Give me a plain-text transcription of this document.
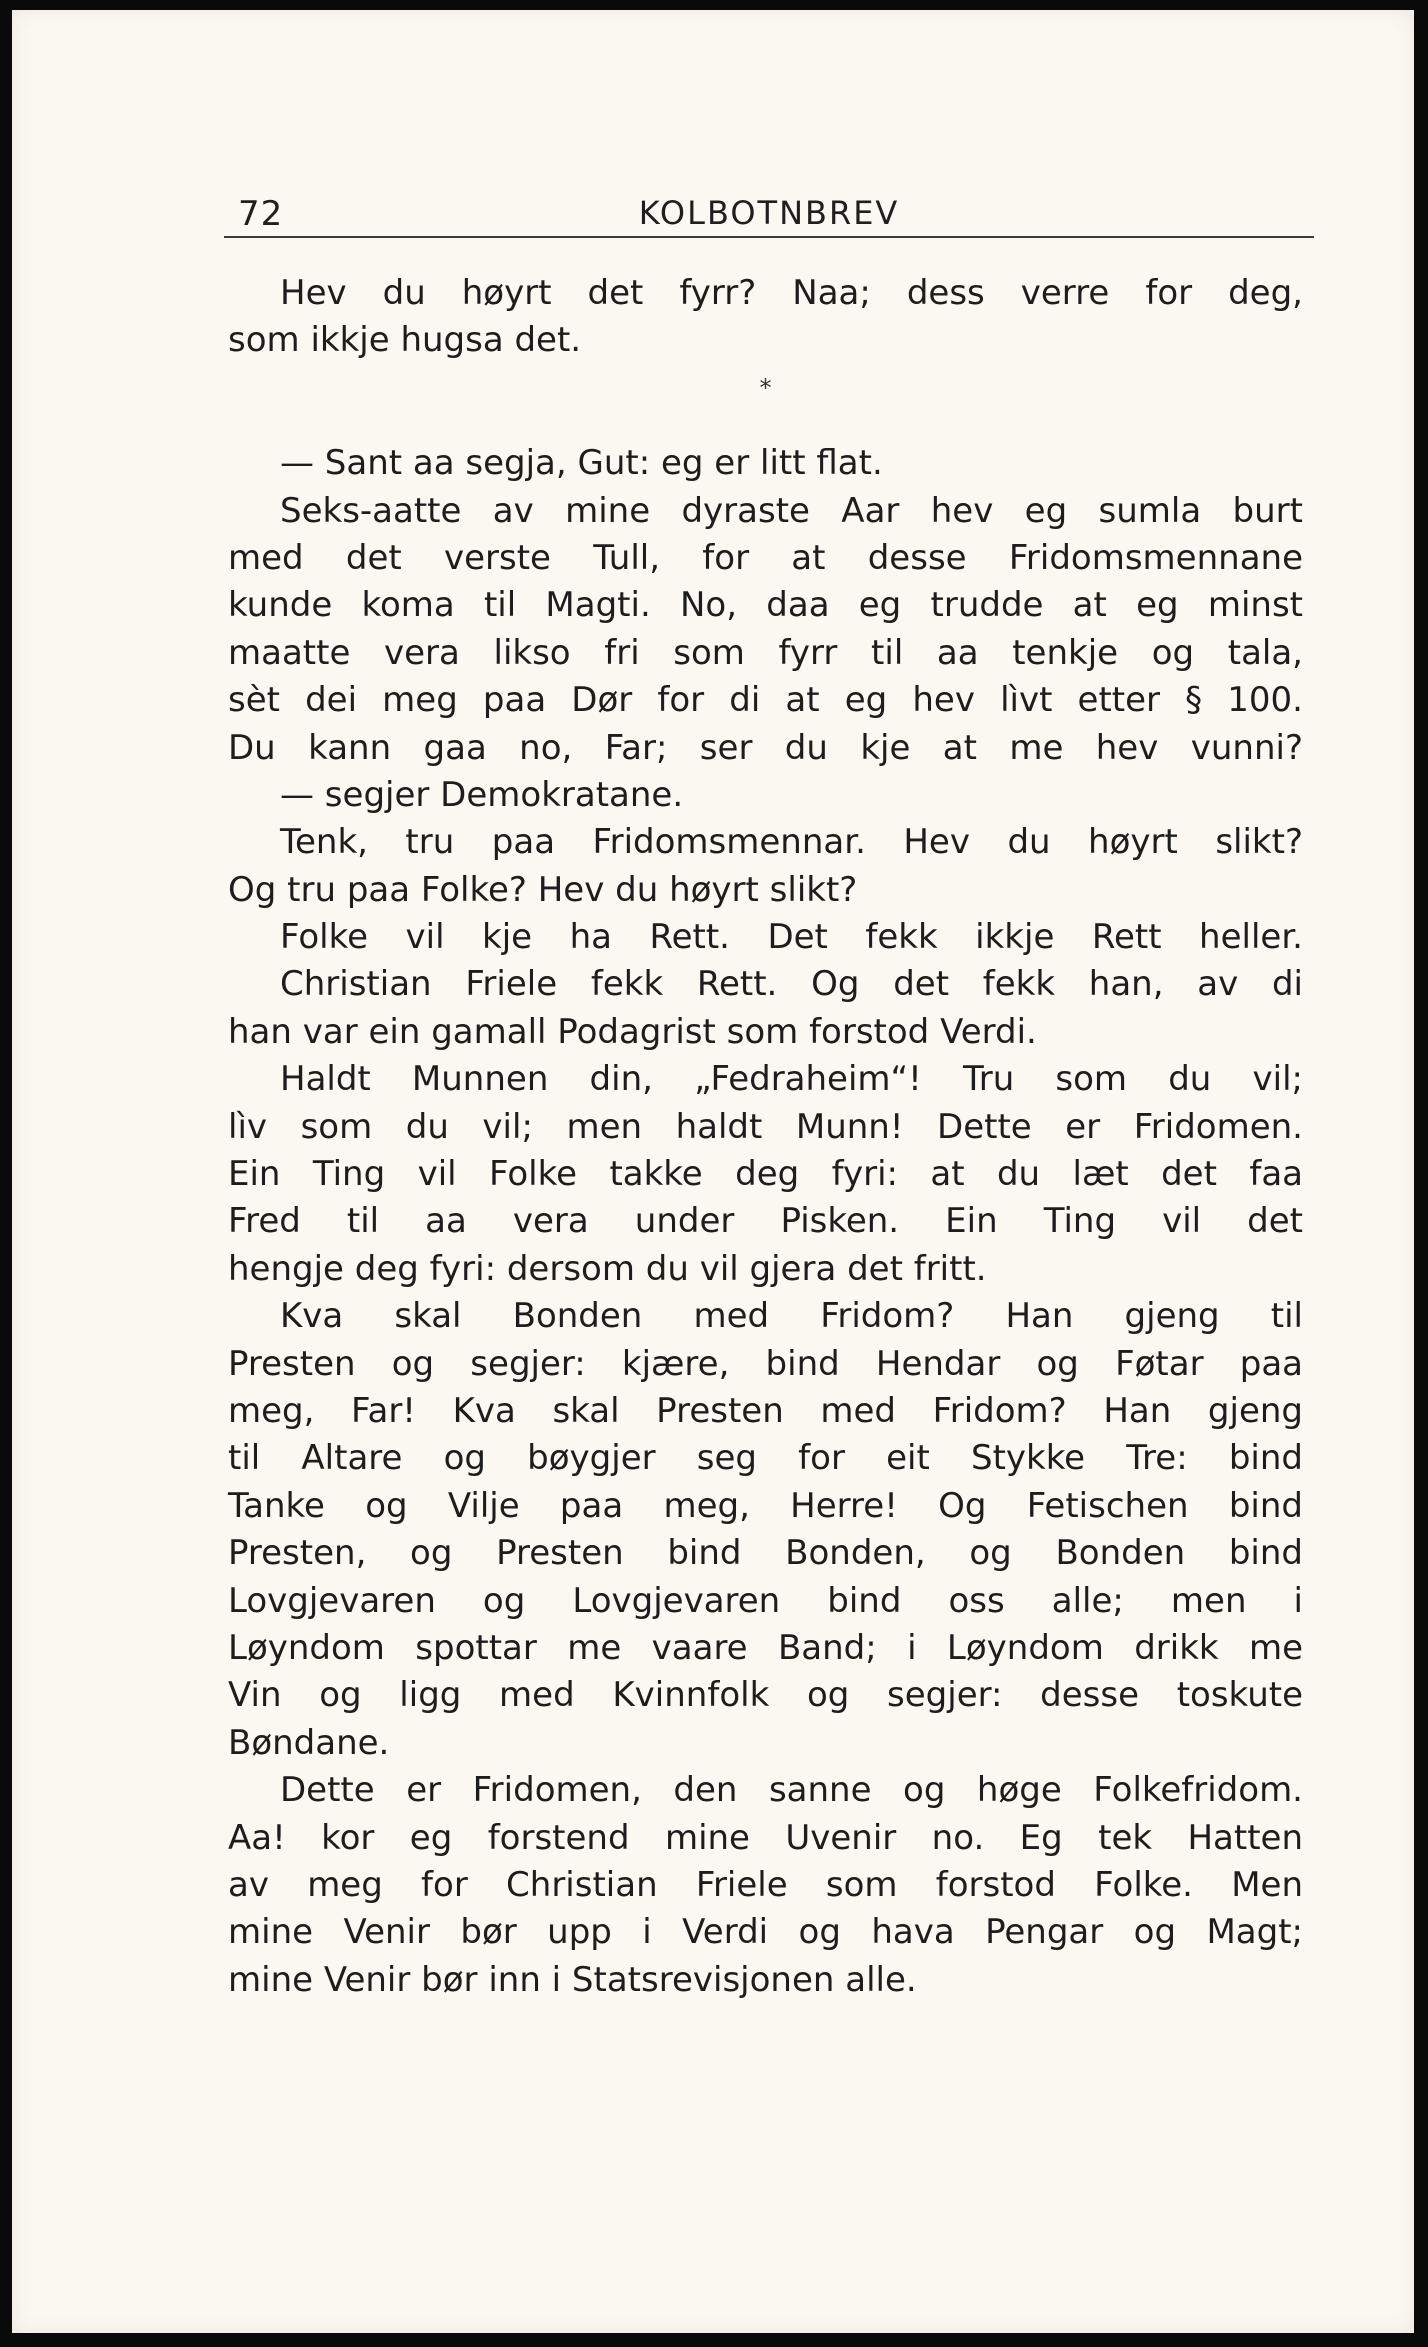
72	KOLBOTNBREV
Hev du høyrt det fyrr? Naa; dess verre for deg,
som ikkje hugsa det.
*
— Sant aa segja, Gut: eg er litt flat.
Seks-aatte av mine dyraste Aar hev eg sumla burt
med det verste Tull, for at desse Fridomsmennane
kunde koma til Magti. No, daa eg trudde at eg minst
maatte vera likso fri som fyrr til aa tenkje og tala,
sèt dei meg paa Dør for di at eg hev lìvt etter § 100.
Du kann gaa no, Far; ser du kje at me hev vunni?
— segjer Demokratane.
Tenk, tru paa Fridomsmennar. Hev du høyrt slikt?
Og tru paa Folke? Hev du høyrt slikt?
Folke vil kje ha Rett. Det fekk ikkje Rett heller.
Christian Friele fekk Rett. Og det fekk han, av di
han var ein gamall Podagrist som forstod Verdi.
Haldt Munnen din, „Fedraheim“! Tru som du vil;
lìv som du vil; men haldt Munn! Dette er Fridomen.
Ein Ting vil Folke takke deg fyri: at du læt det faa
Fred til aa vera under Pisken. Ein Ting vil det
hengje deg fyri: dersom du vil gjera det fritt.
Kva skal Bonden med Fridom? Han gjeng til
Presten og segjer: kjære, bind Hendar og Føtar paa
meg, Far! Kva skal Presten med Fridom? Han gjeng
til Altare og bøygjer seg for eit Stykke Tre: bind
Tanke og Vilje paa meg, Herre! Og Fetischen bind
Presten, og Presten bind Bonden, og Bonden bind
Lovgjevaren og Lovgjevaren bind oss alle; men i
Løyndom spottar me vaare Band; i Løyndom drikk me
Vin og ligg med Kvinnfolk og segjer: desse toskute
Bøndane.
Dette er Fridomen, den sanne og høge Folkefridom.
Aa! kor eg forstend mine Uvenir no. Eg tek Hatten
av meg for Christian Friele som forstod Folke. Men
mine Venir bør upp i Verdi og hava Pengar og Magt;
mine Venir bør inn i Statsrevisjonen alle.
